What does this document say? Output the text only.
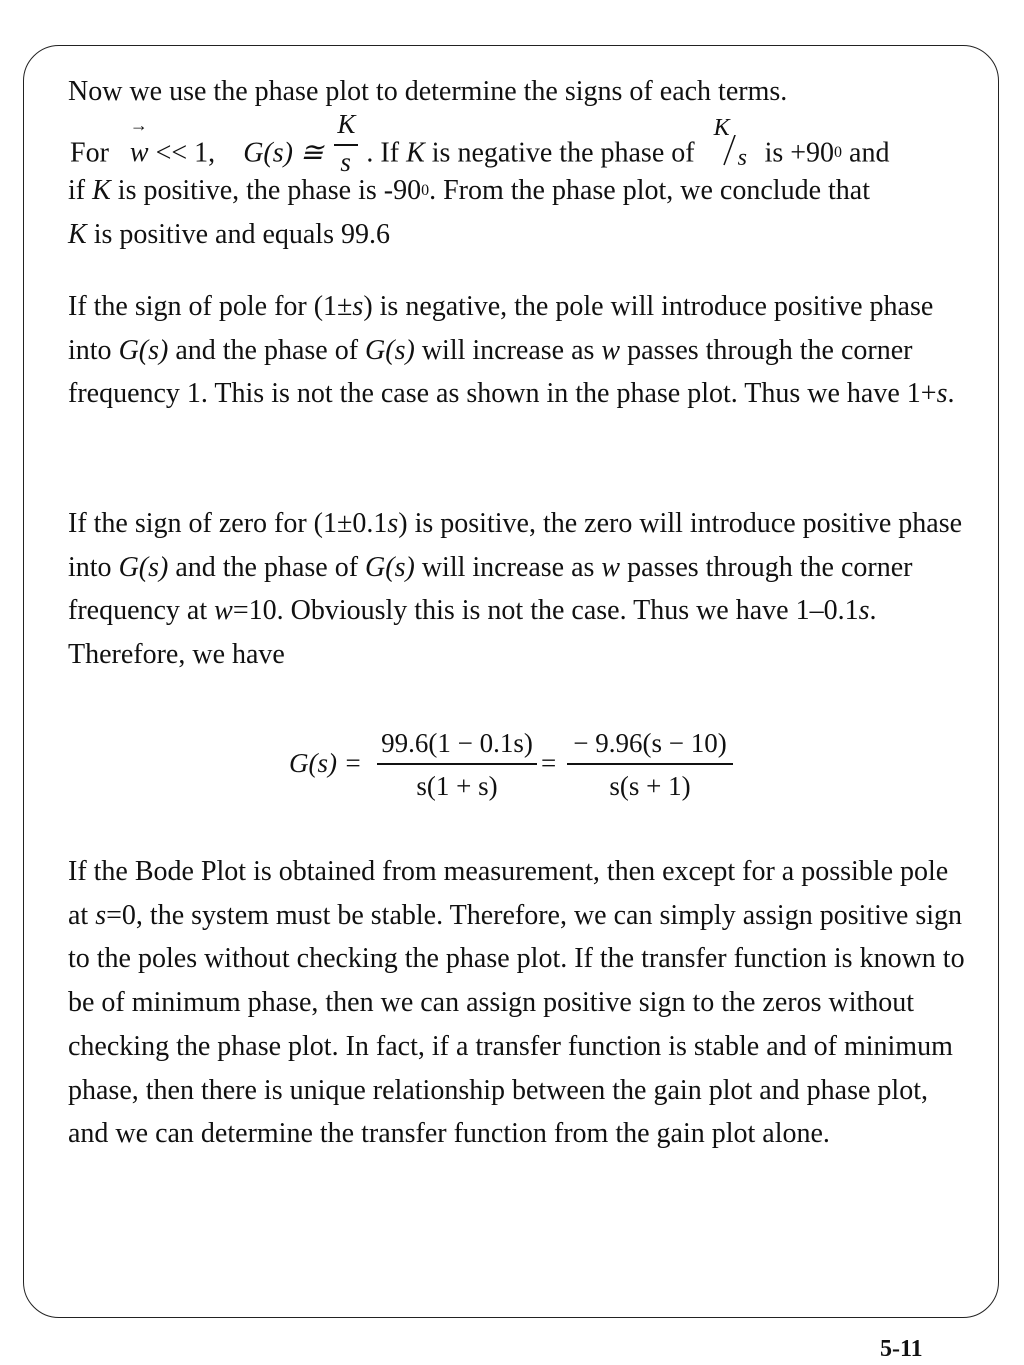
Now we use the phase plot to determine the signs of each terms.
For
→
w << 1, G(s) ≅ $\frac{K}{s}$ . If K is negative the phase of
K
s is $+90^0$ and
if K is positive, the phase is $-90^0$. From the phase plot, we conclude that
K is positive and equals 99.6

If the sign of pole for (1±s) is negative, the pole will introduce positive phase into G(s) and the phase of G(s) will increase as w passes through the corner frequency 1. This is not the case as shown in the phase plot. Thus we have 1+s.

If the sign of zero for (1±0.1s) is positive, the zero will introduce positive phase into G(s) and the phase of G(s) will increase as w passes through the corner frequency at w=10. Obviously this is not the case. Thus we have 1–0.1s. Therefore, we have

G(s) =
99.6(1 − 0.1s)
s(1 + s)
=
− 9.96(s − 10)
s(s + 1)

If the Bode Plot is obtained from measurement, then except for a possible pole at s=0, the system must be stable. Therefore, we can simply assign positive sign to the poles without checking the phase plot. If the transfer function is known to be of minimum phase, then we can assign positive sign to the zeros without checking the phase plot. In fact, if a transfer function is stable and of minimum phase, then there is unique relationship between the gain plot and phase plot, and we can determine the transfer function from the gain plot alone.

5-11
